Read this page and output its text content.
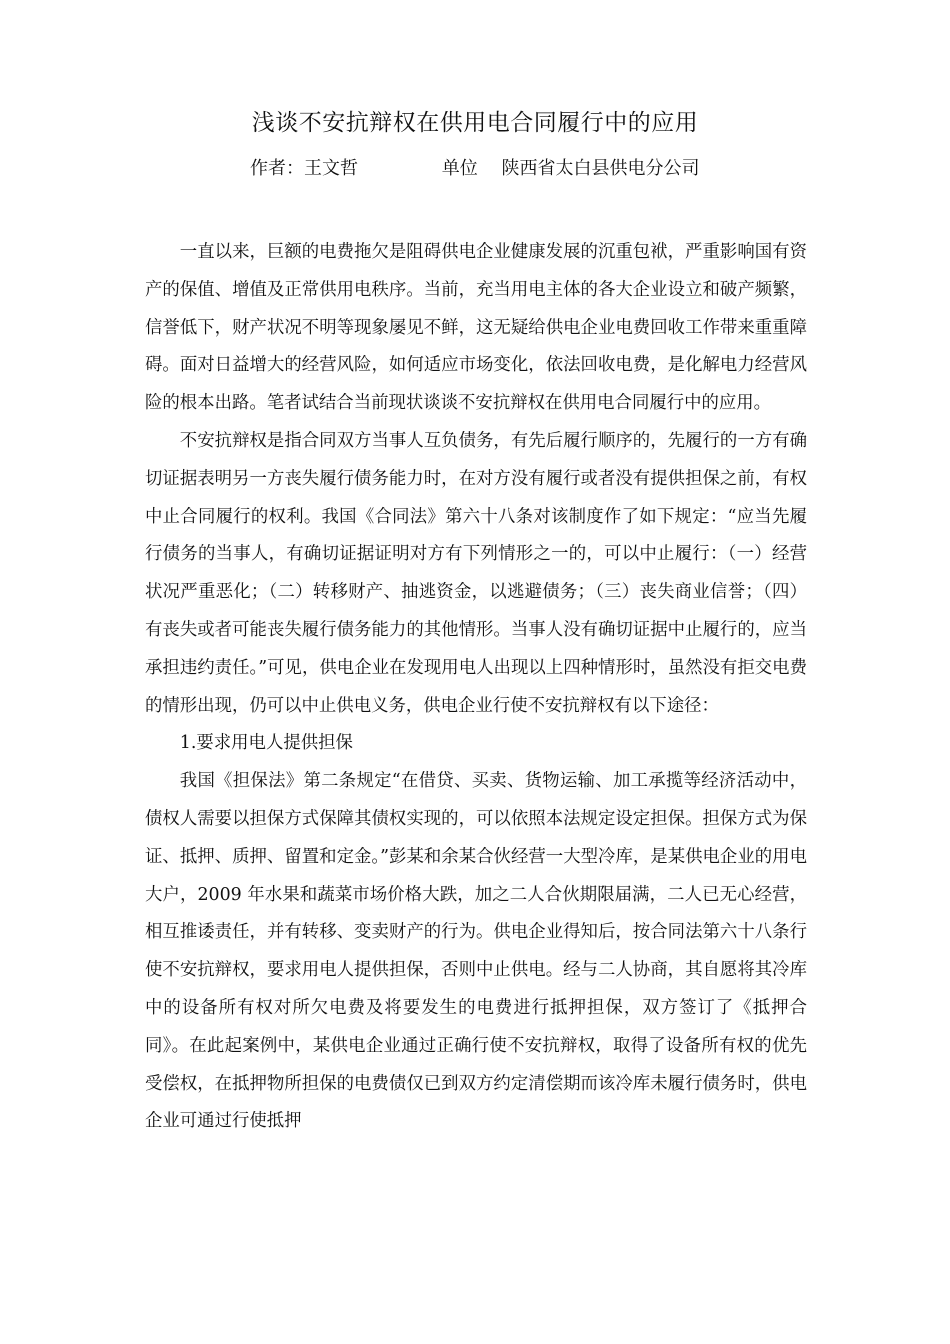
浅谈不安抗辩权在供用电合同履行中的应用
作者：王文哲	单位 陕西省太白县供电分公司

一直以来，巨额的电费拖欠是阻碍供电企业健康发展的沉重包袱，严重影响国有资产的保值、增值及正常供用电秩序。当前，充当用电主体的各大企业设立和破产频繁，信誉低下，财产状况不明等现象屡见不鲜，这无疑给供电企业电费回收工作带来重重障碍。面对日益增大的经营风险，如何适应市场变化，依法回收电费，是化解电力经营风险的根本出路。笔者试结合当前现状谈谈不安抗辩权在供用电合同履行中的应用。

不安抗辩权是指合同双方当事人互负债务，有先后履行顺序的，先履行的一方有确切证据表明另一方丧失履行债务能力时，在对方没有履行或者没有提供担保之前，有权中止合同履行的权利。我国《合同法》第六十八条对该制度作了如下规定：“应当先履行债务的当事人，有确切证据证明对方有下列情形之一的，可以中止履行：（一）经营状况严重恶化；（二）转移财产、抽逃资金，以逃避债务；（三）丧失商业信誉；（四）有丧失或者可能丧失履行债务能力的其他情形。当事人没有确切证据中止履行的，应当承担违约责任。”可见，供电企业在发现用电人出现以上四种情形时，虽然没有拒交电费的情形出现，仍可以中止供电义务，供电企业行使不安抗辩权有以下途径：

1.要求用电人提供担保

我国《担保法》第二条规定“在借贷、买卖、货物运输、加工承揽等经济活动中，债权人需要以担保方式保障其债权实现的，可以依照本法规定设定担保。担保方式为保证、抵押、质押、留置和定金。”彭某和余某合伙经营一大型冷库，是某供电企业的用电大户，2009 年水果和蔬菜市场价格大跌，加之二人合伙期限届满，二人已无心经营，相互推诿责任，并有转移、变卖财产的行为。供电企业得知后，按合同法第六十八条行使不安抗辩权，要求用电人提供担保，否则中止供电。经与二人协商，其自愿将其冷库中的设备所有权对所欠电费及将要发生的电费进行抵押担保，双方签订了《抵押合同》。在此起案例中，某供电企业通过正确行使不安抗辩权，取得了设备所有权的优先受偿权，在抵押物所担保的电费债仅已到双方约定清偿期而该冷库未履行债务时，供电企业可通过行使抵押
